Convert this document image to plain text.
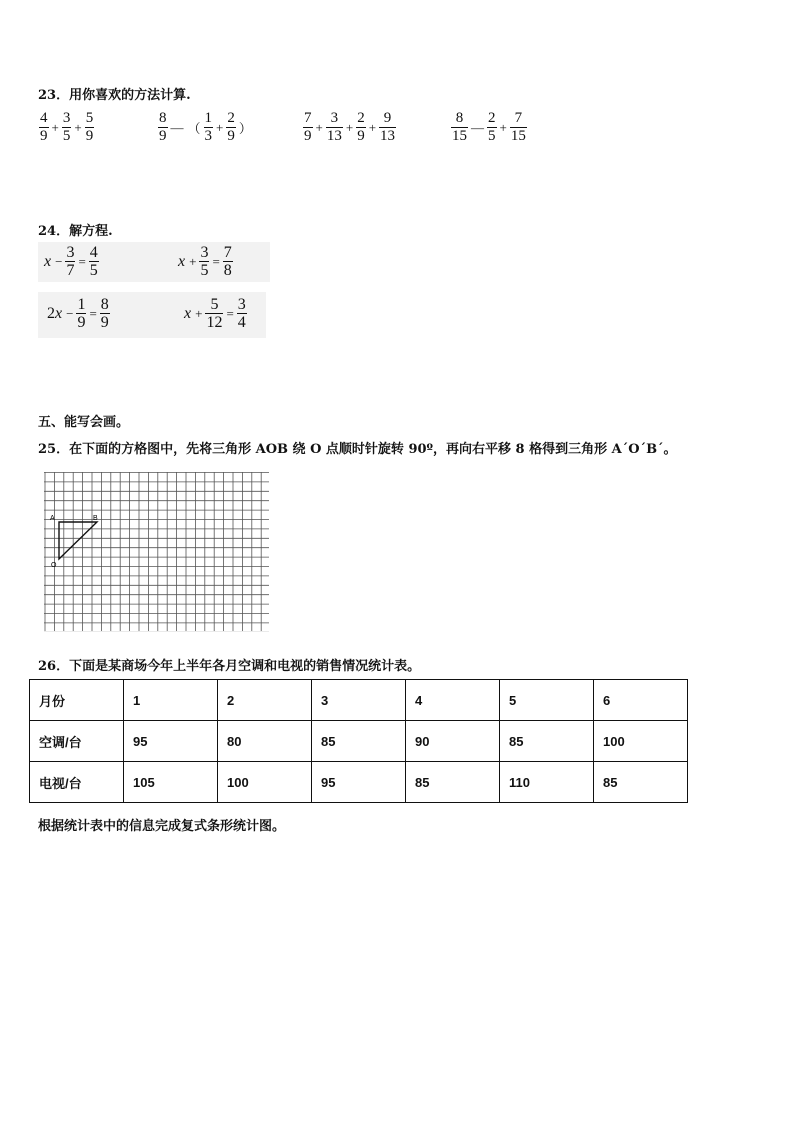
23．用你喜欢的方法计算.
$\frac{4}{9} + \frac{3}{5} + \frac{5}{9}$	$\frac{8}{9}$ — （ $\frac{1}{3} + \frac{2}{9}$ ）	$\frac{7}{9} + \frac{3}{13} + \frac{2}{9} + \frac{9}{13}$	$\frac{8}{15}$ — $\frac{2}{5} + \frac{7}{15}$
24．解方程.
$x - \frac{3}{7} = \frac{4}{5}$	$x + \frac{3}{5} = \frac{7}{8}$
2 $x - \frac{1}{9} = \frac{8}{9}$	$x + \frac{5}{12} = \frac{3}{4}$
五、能写会画。
25．在下面的方格图中，先将三角形 AOB 绕 O 点顺时针旋转 90º，再向右平移 8 格得到三角形 A´O´B´。
A	B
O
26．下面是某商场今年上半年各月空调和电视的销售情况统计表。
月份	1	2	3	4	5	6
空调/台	95	80	85	90	85	100
电视/台	105	100	95	85	110	85
根据统计表中的信息完成复式条形统计图。
